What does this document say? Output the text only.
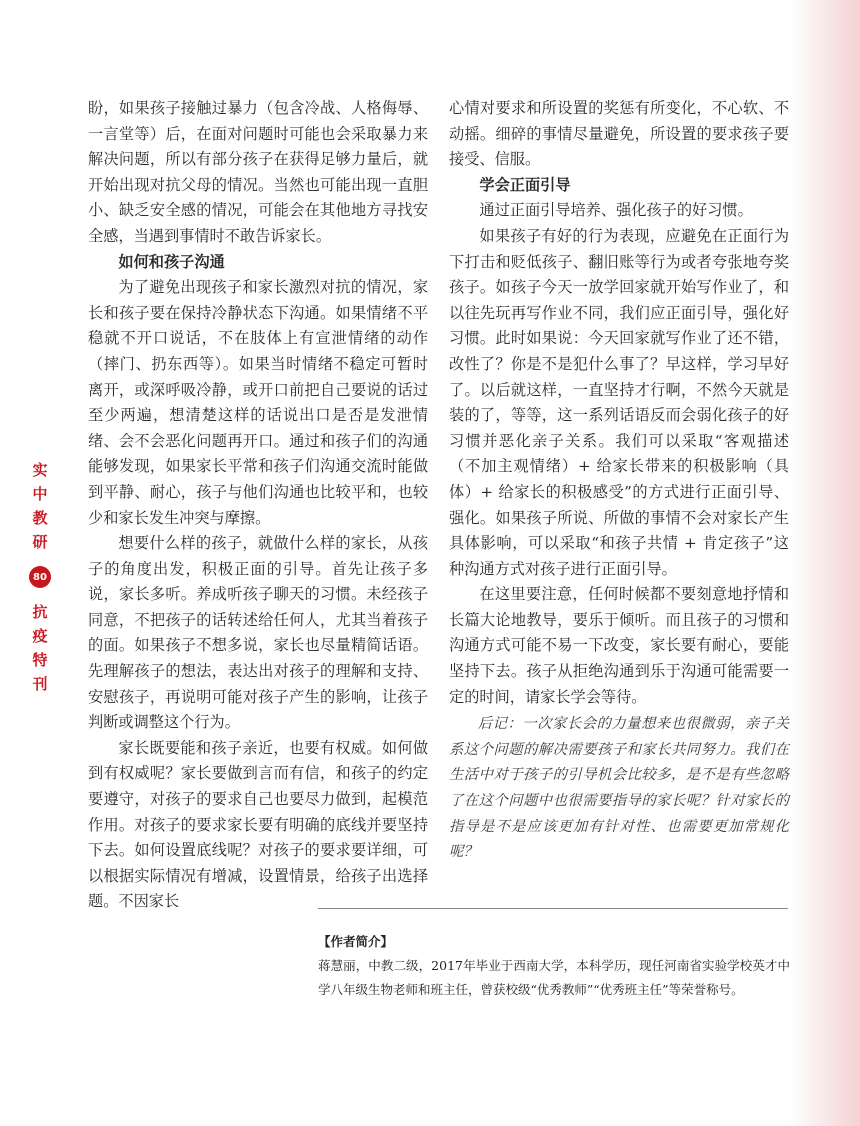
实
中
教
研
80
抗
疫
特
刊

盼，如果孩子接触过暴力（包含冷战、人格侮辱、一言堂等）后，在面对问题时可能也会采取暴力来解决问题，所以有部分孩子在获得足够力量后，就开始出现对抗父母的情况。当然也可能出现一直胆小、缺乏安全感的情况，可能会在其他地方寻找安全感，当遇到事情时不敢告诉家长。

如何和孩子沟通

为了避免出现孩子和家长激烈对抗的情况，家长和孩子要在保持冷静状态下沟通。如果情绪不平稳就不开口说话，不在肢体上有宣泄情绪的动作（摔门、扔东西等）。如果当时情绪不稳定可暂时离开，或深呼吸冷静，或开口前把自己要说的话过至少两遍，想清楚这样的话说出口是否是发泄情绪、会不会恶化问题再开口。通过和孩子们的沟通能够发现，如果家长平常和孩子们沟通交流时能做到平静、耐心，孩子与他们沟通也比较平和，也较少和家长发生冲突与摩擦。

想要什么样的孩子，就做什么样的家长，从孩子的角度出发，积极正面的引导。首先让孩子多说，家长多听。养成听孩子聊天的习惯。未经孩子同意，不把孩子的话转述给任何人，尤其当着孩子的面。如果孩子不想多说，家长也尽量精简话语。先理解孩子的想法，表达出对孩子的理解和支持、安慰孩子，再说明可能对孩子产生的影响，让孩子判断或调整这个行为。

家长既要能和孩子亲近，也要有权威。如何做到有权威呢？家长要做到言而有信，和孩子的约定要遵守，对孩子的要求自己也要尽力做到，起模范作用。对孩子的要求家长要有明确的底线并要坚持下去。如何设置底线呢？对孩子的要求要详细，可以根据实际情况有增减，设置情景，给孩子出选择题。不因家长

心情对要求和所设置的奖惩有所变化，不心软、不动摇。细碎的事情尽量避免，所设置的要求孩子要接受、信服。

学会正面引导

通过正面引导培养、强化孩子的好习惯。

如果孩子有好的行为表现，应避免在正面行为下打击和贬低孩子、翻旧账等行为或者夸张地夸奖孩子。如孩子今天一放学回家就开始写作业了，和以往先玩再写作业不同，我们应正面引导，强化好习惯。此时如果说：今天回家就写作业了还不错，改性了？你是不是犯什么事了？早这样，学习早好了。以后就这样，一直坚持才行啊，不然今天就是装的了，等等，这一系列话语反而会弱化孩子的好习惯并恶化亲子关系。我们可以采取“客观描述（不加主观情绪）+ 给家长带来的积极影响（具体）+ 给家长的积极感受”的方式进行正面引导、强化。如果孩子所说、所做的事情不会对家长产生具体影响，可以采取“和孩子共情 + 肯定孩子”这种沟通方式对孩子进行正面引导。

在这里要注意，任何时候都不要刻意地抒情和长篇大论地教导，要乐于倾听。而且孩子的习惯和沟通方式可能不易一下改变，家长要有耐心，要能坚持下去。孩子从拒绝沟通到乐于沟通可能需要一定的时间，请家长学会等待。

后记：一次家长会的力量想来也很微弱，亲子关系这个问题的解决需要孩子和家长共同努力。我们在生活中对于孩子的引导机会比较多，是不是有些忽略了在这个问题中也很需要指导的家长呢？针对家长的指导是不是应该更加有针对性、也需要更加常规化呢？

【作者简介】

蒋慧丽，中教二级，2017年毕业于西南大学，本科学历，现任河南省实验学校英才中学八年级生物老师和班主任，曾获校级“优秀教师”“优秀班主任”等荣誉称号。
